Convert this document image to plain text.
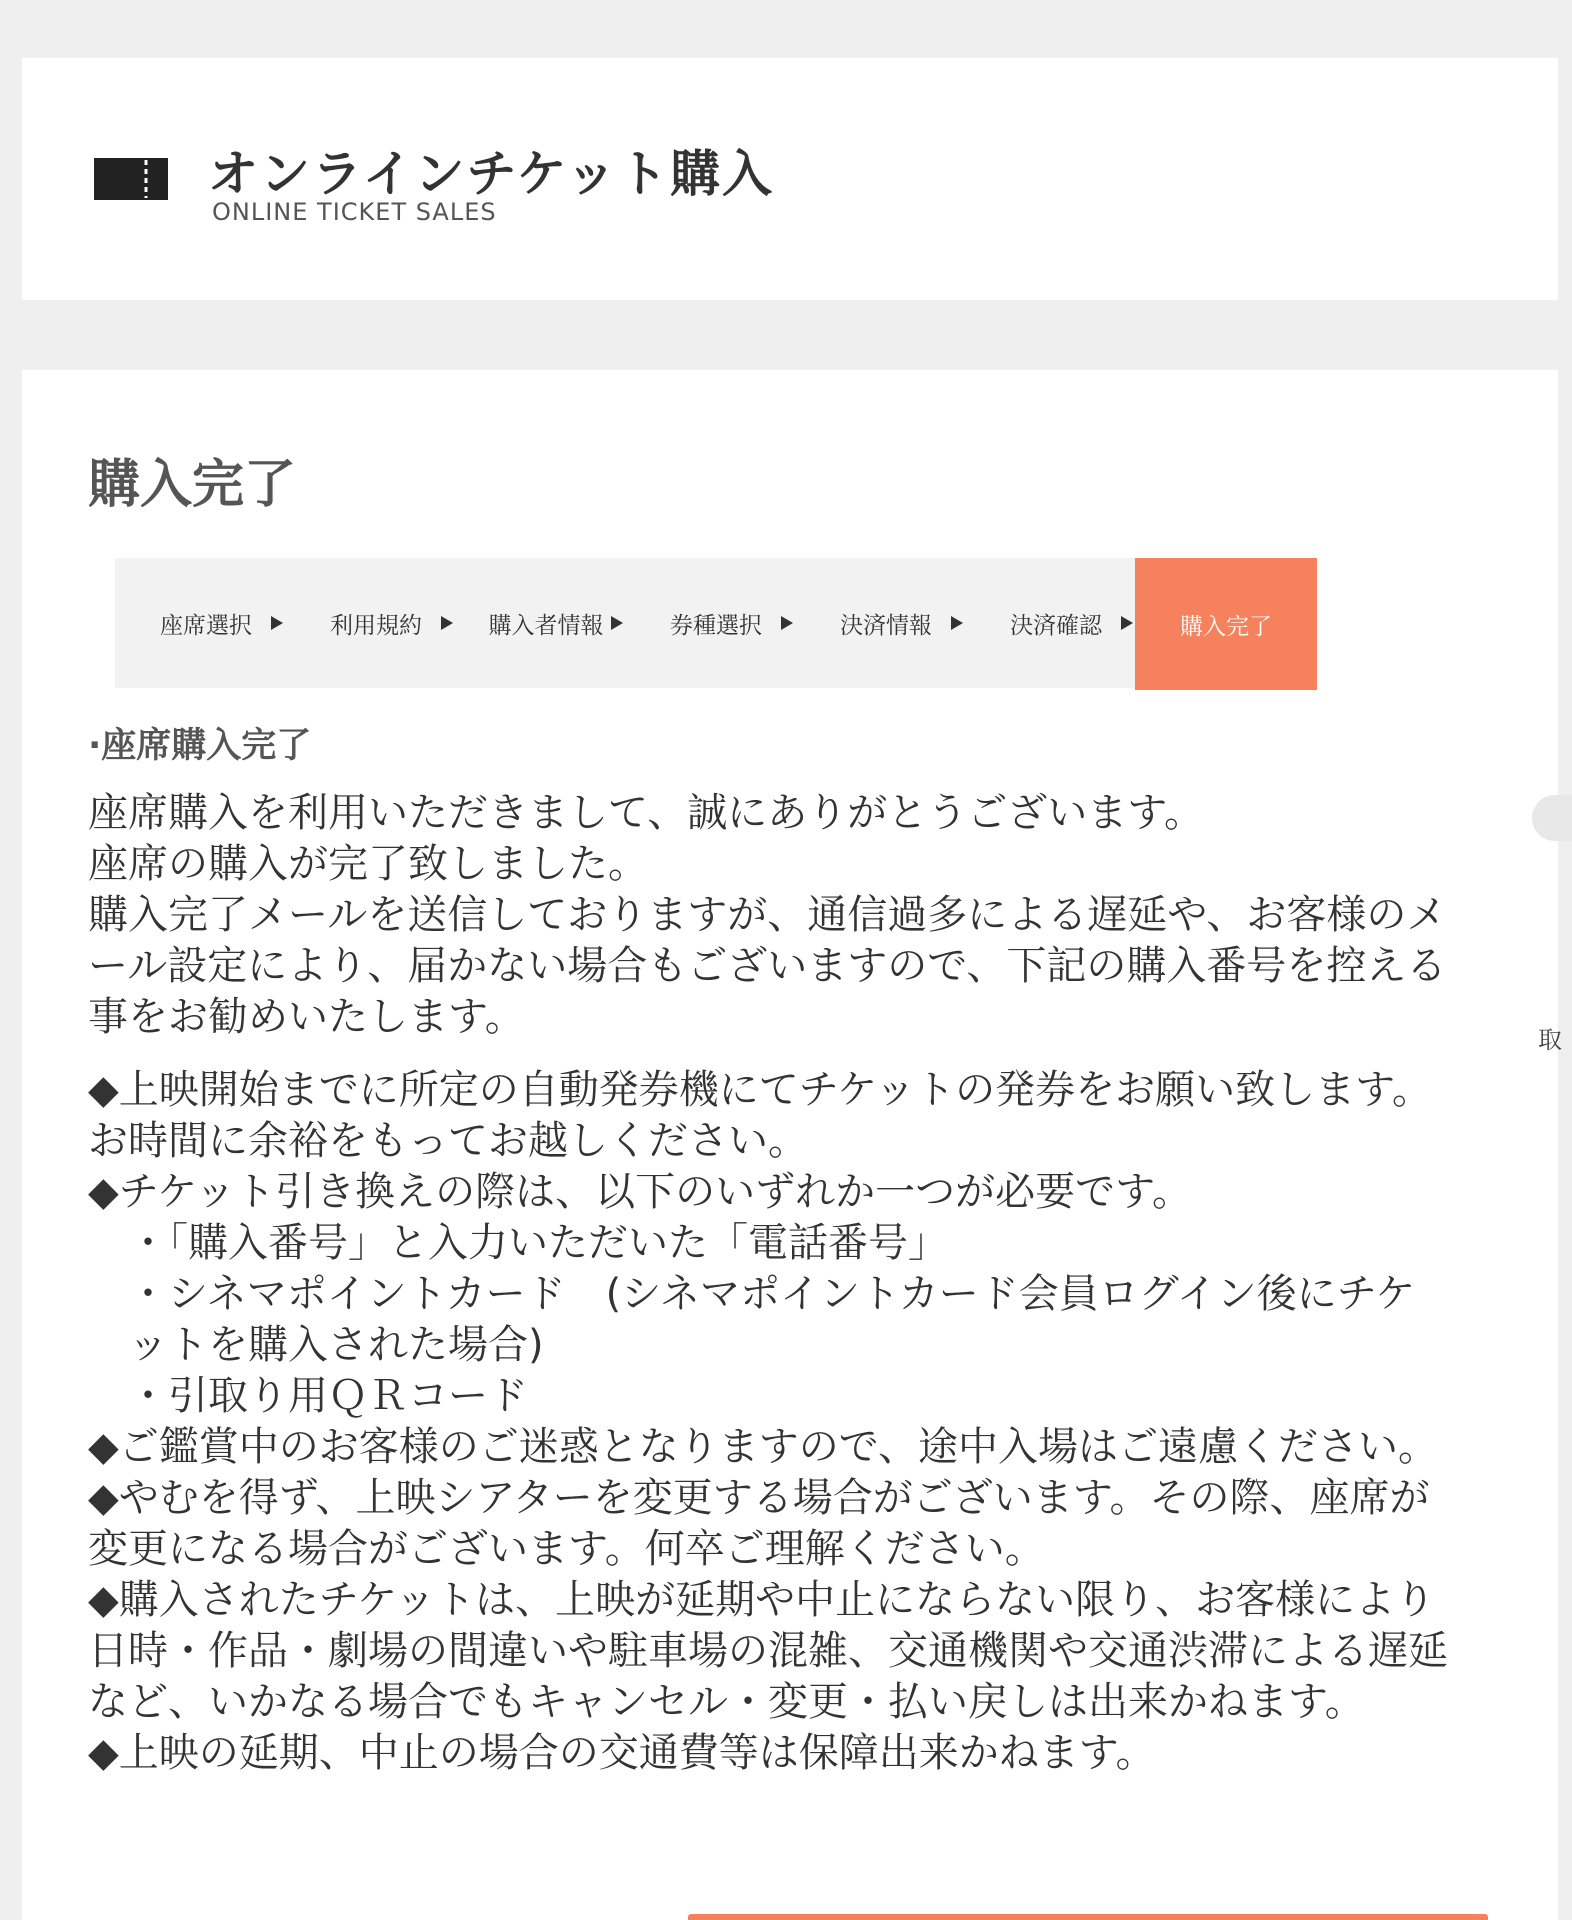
オンラインチケット購入
ONLINE TICKET SALES
購入完了
座席選択	利用規約	購入者情報	券種選択	決済情報	決済確認	購入完了
·座席購入完了

座席購入を利用いただきまして、誠にありがとうございます。

座席の購入が完了致しました。

購入完了メールを送信しておりますが、通信過多による遅延や、お客様のメール設定により、届かない場合もございますので、下記の購入番号を控える事をお勧めいたします。

◆上映開始までに所定の自動発券機にてチケットの発券をお願い致します。お時間に余裕をもってお越しください。

◆チケット引き換えの際は、以下のいずれか一つが必要です。

・「購入番号」と入力いただいた「電話番号」

・シネマポイントカード　(シネマポイントカード会員ログイン後にチケットを購入された場合)

・引取り用ＱＲコード

◆ご鑑賞中のお客様のご迷惑となりますので、途中入場はご遠慮ください。

◆やむを得ず、上映シアターを変更する場合がございます。その際、座席が変更になる場合がございます。何卒ご理解ください。

◆購入されたチケットは、上映が延期や中止にならない限り、お客様により日時・作品・劇場の間違いや駐車場の混雑、交通機関や交通渋滞による遅延など、いかなる場合でもキャンセル・変更・払い戻しは出来かねます。

◆上映の延期、中止の場合の交通費等は保障出来かねます。

取
